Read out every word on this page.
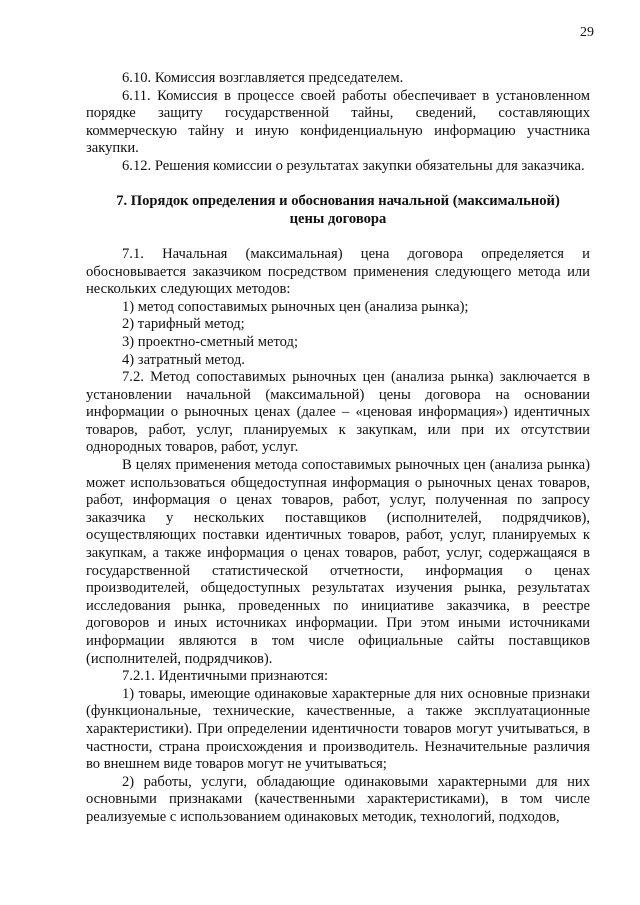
29

6.10. Комиссия возглавляется председателем.

6.11. Комиссия в процессе своей работы обеспечивает в установленном порядке защиту государственной тайны, сведений, составляющих коммерческую тайну и иную конфиденциальную информацию участника закупки.

6.12. Решения комиссии о результатах закупки обязательны для заказчика.

7. Порядок определения и обоснования начальной (максимальной)

цены договора

7.1. Начальная (максимальная) цена договора определяется и обосновывается заказчиком посредством применения следующего метода или нескольких следующих методов:

1) метод сопоставимых рыночных цен (анализа рынка);

2) тарифный метод;

3) проектно-сметный метод;

4) затратный метод.

7.2. Метод сопоставимых рыночных цен (анализа рынка) заключается в установлении начальной (максимальной) цены договора на основании информации о рыночных ценах (далее – «ценовая информация») идентичных товаров, работ, услуг, планируемых к закупкам, или при их отсутствии однородных товаров, работ, услуг.

В целях применения метода сопоставимых рыночных цен (анализа рынка) может использоваться общедоступная информация о рыночных ценах товаров, работ, информация о ценах товаров, работ, услуг, полученная по запросу заказчика у нескольких поставщиков (исполнителей, подрядчиков), осуществляющих поставки идентичных товаров, работ, услуг, планируемых к закупкам, а также информация о ценах товаров, работ, услуг, содержащаяся в государственной статистической отчетности, информация о ценах производителей, общедоступных результатах изучения рынка, результатах исследования рынка, проведенных по инициативе заказчика, в реестре договоров и иных источниках информации. При этом иными источниками информации являются в том числе официальные сайты поставщиков (исполнителей, подрядчиков).

7.2.1. Идентичными признаются:

1) товары, имеющие одинаковые характерные для них основные признаки (функциональные, технические, качественные, а также эксплуатационные характеристики). При определении идентичности товаров могут учитываться, в частности, страна происхождения и производитель. Незначительные различия во внешнем виде товаров могут не учитываться;

2) работы, услуги, обладающие одинаковыми характерными для них основными признаками (качественными характеристиками), в том числе реализуемые с использованием одинаковых методик, технологий, подходов,
